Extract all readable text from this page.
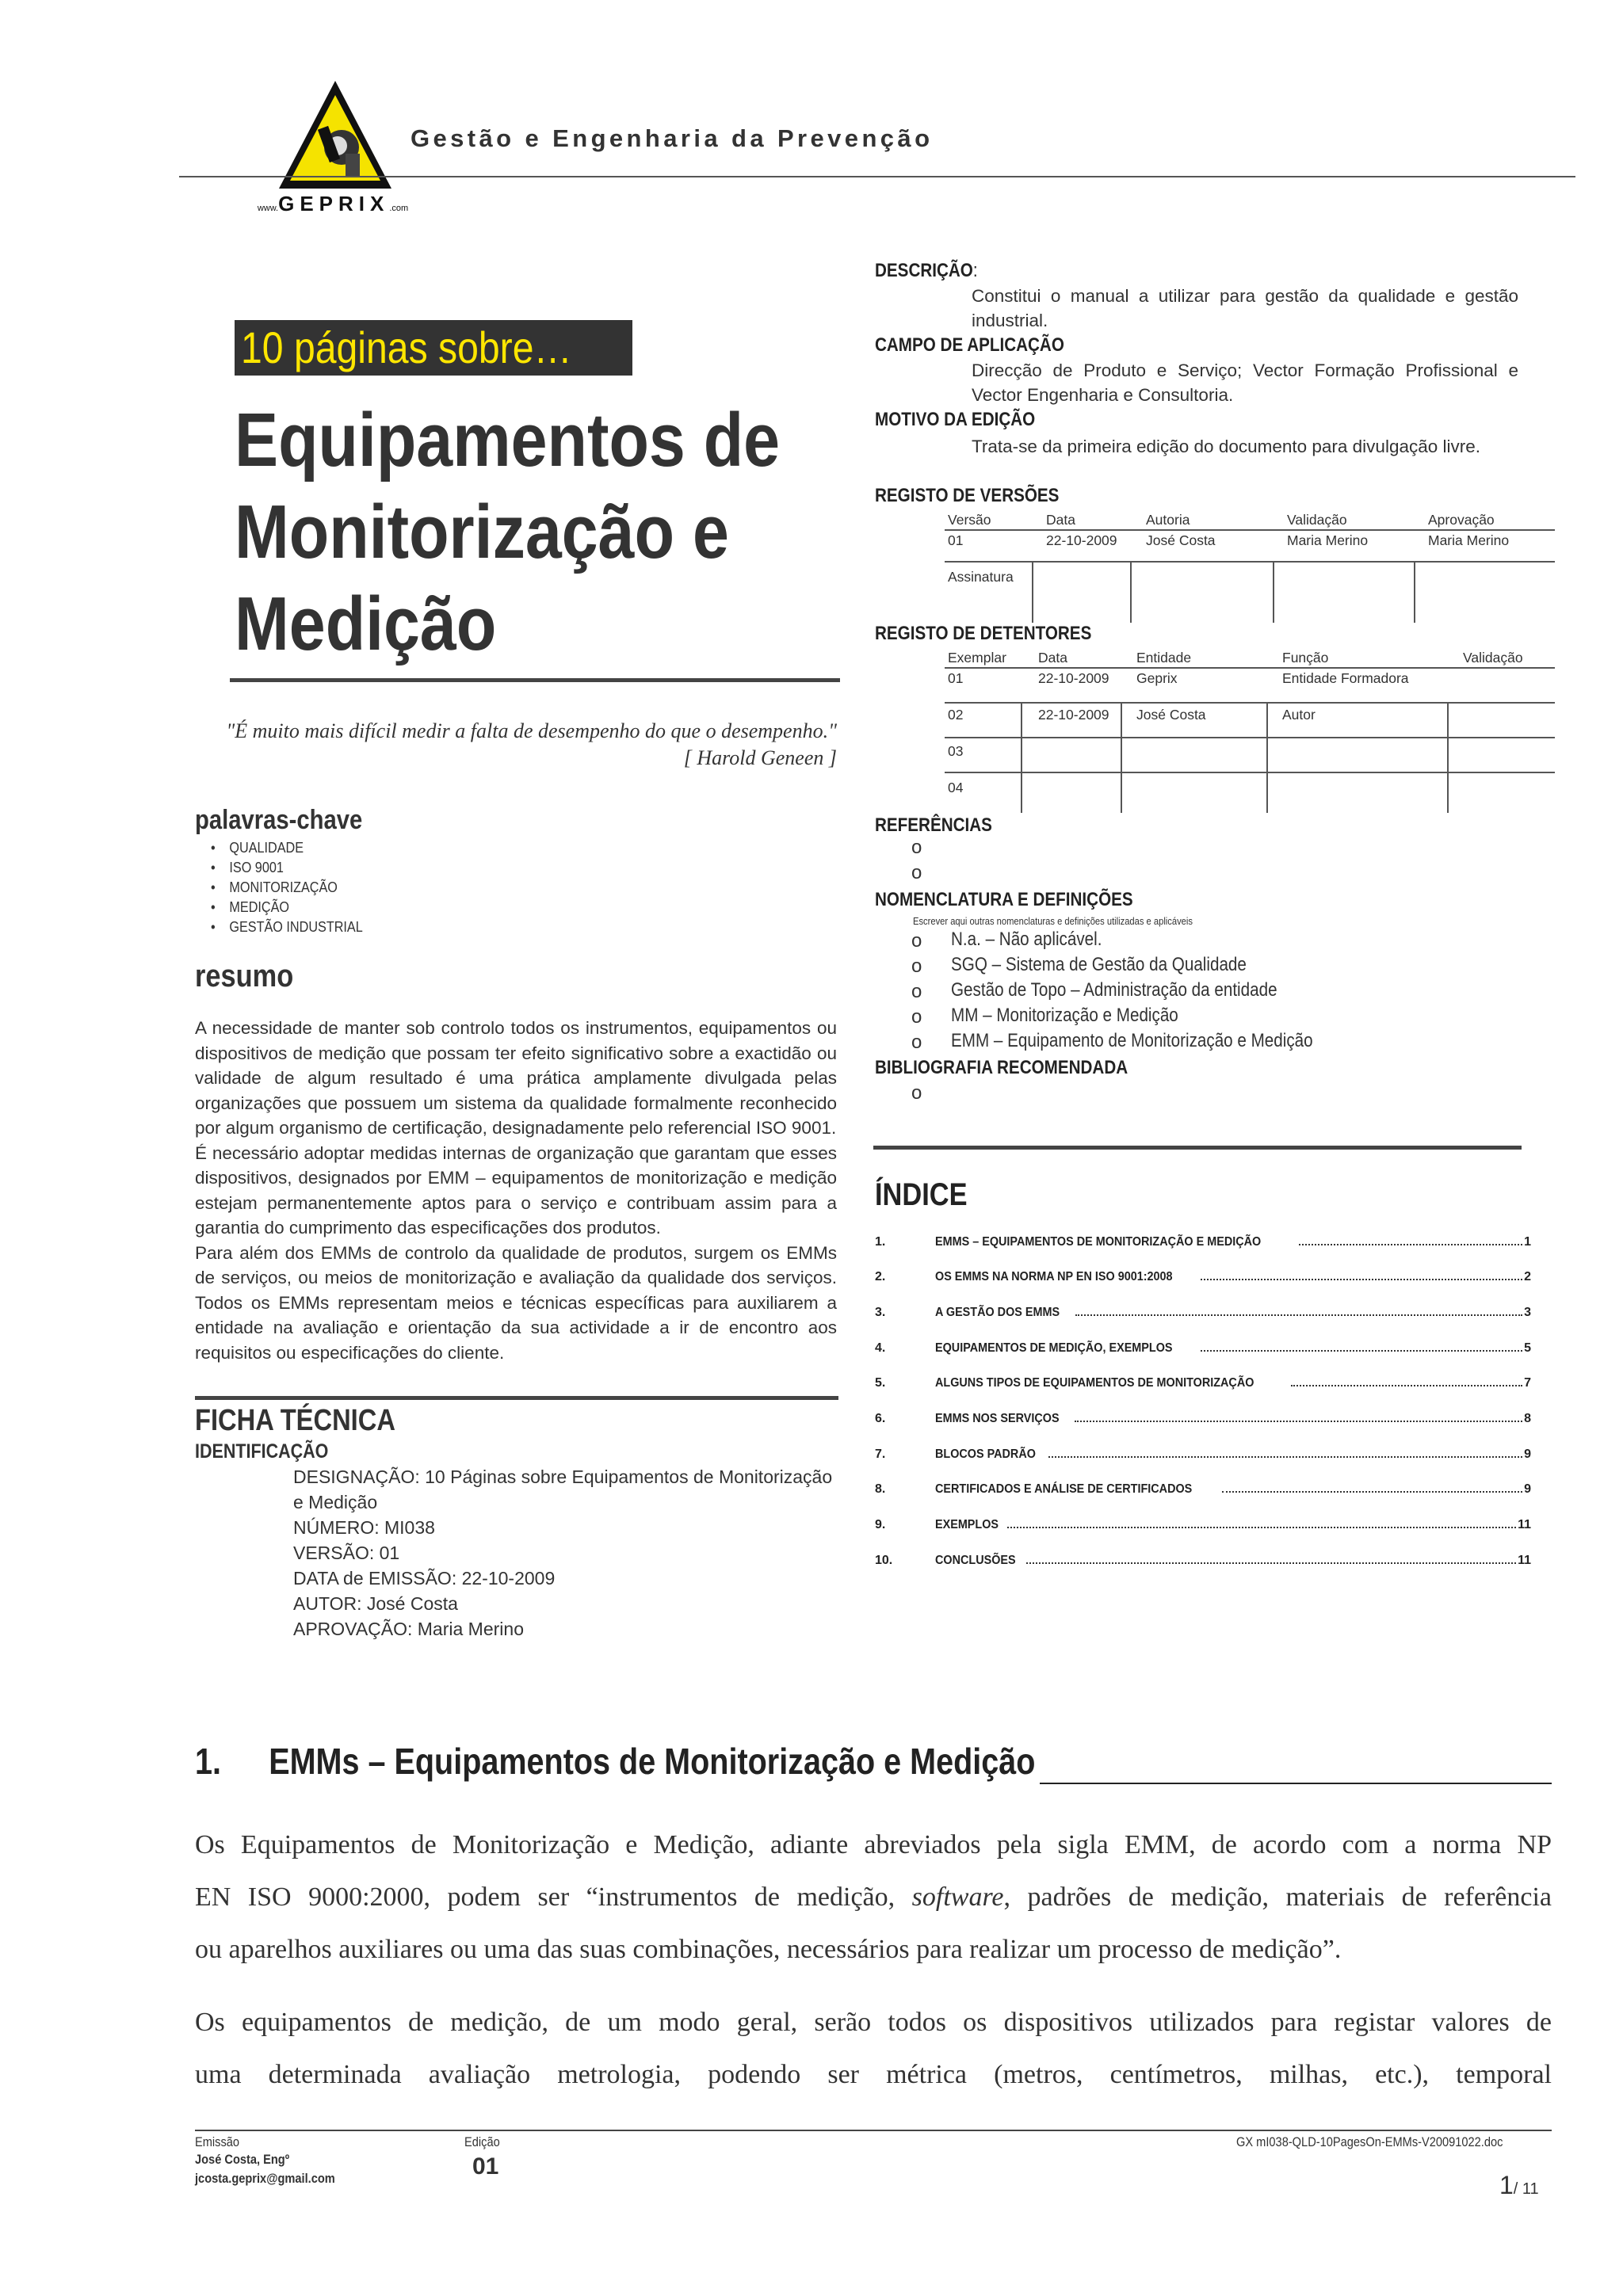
www.GEPRIX.com
Gestão e Engenharia da Prevenção
10 páginas sobre…
Equipamentos de
Monitorização e
Medição
"É muito mais difícil medir a falta de desempenho do que o desempenho."
[ Harold Geneen ]
palavras-chave
• QUALIDADE
• ISO 9001
• MONITORIZAÇÃO
• MEDIÇÃO
• GESTÃO INDUSTRIAL
resumo

A necessidade de manter sob controlo todos os instrumentos, equipamentos ou dispositivos de medição que possam ter efeito significativo sobre a exactidão ou validade de algum resultado é uma prática amplamente divulgada pelas organizações que possuem um sistema da qualidade formalmente reconhecido por algum organismo de certificação, designadamente pelo referencial ISO 9001.

É necessário adoptar medidas internas de organização que garantam que esses dispositivos, designados por EMM – equipamentos de monitorização e medição estejam permanentemente aptos para o serviço e contribuam assim para a garantia do cumprimento das especificações dos produtos.

Para além dos EMMs de controlo da qualidade de produtos, surgem os EMMs de serviços, ou meios de monitorização e avaliação da qualidade dos serviços. Todos os EMMs representam meios e técnicas específicas para auxiliarem a entidade na avaliação e orientação da sua actividade a ir de encontro aos requisitos ou especificações do cliente.

FICHA TÉCNICA
IDENTIFICAÇÃO
DESIGNAÇÃO: 10 Páginas sobre Equipamentos de Monitorização e Medição
NÚMERO: MI038
VERSÃO: 01
DATA de EMISSÃO: 22-10-2009
AUTOR: José Costa
APROVAÇÃO: Maria Merino
DESCRIÇÃO:
Constitui o manual a utilizar para gestão da qualidade e gestão industrial.
CAMPO DE APLICAÇÃO
Direcção de Produto e Serviço; Vector Formação Profissional e Vector Engenharia e Consultoria.
MOTIVO DA EDIÇÃO
Trata-se da primeira edição do documento para divulgação livre.
REGISTO DE VERSÕES
Versão	Data	Autoria	Validação	Aprovação
01	22-10-2009 José Costa	Maria Merino	Maria Merino
Assinatura
REGISTO DE DETENTORES
Exemplar Data	Entidade	Função	Validação
01	22-10-2009 Geprix	Entidade Formadora
02	22-10-2009 José Costa	Autor
03
04
REFERÊNCIAS
o
o
NOMENCLATURA E DEFINIÇÕES
Escrever aqui outras nomenclaturas e definições utilizadas e aplicáveis
o N.a. – Não aplicável.
o SGQ – Sistema de Gestão da Qualidade
o Gestão de Topo – Administração da entidade
o MM – Monitorização e Medição
o EMM – Equipamento de Monitorização e Medição
BIBLIOGRAFIA RECOMENDADA
o
ÍNDICE
1.	EMMS – EQUIPAMENTOS DE MONITORIZAÇÃO E MEDIÇÃO	1
2.	OS EMMS NA NORMA NP EN ISO 9001:2008	2
3.	A GESTÃO DOS EMMS	3
4.	EQUIPAMENTOS DE MEDIÇÃO, EXEMPLOS	5
5.	ALGUNS TIPOS DE EQUIPAMENTOS DE MONITORIZAÇÃO	7
6.	EMMS NOS SERVIÇOS	8
7.	BLOCOS PADRÃO	9
8.	CERTIFICADOS E ANÁLISE DE CERTIFICADOS	9
9.	EXEMPLOS	11
10.	CONCLUSÕES	11
1. EMMs – Equipamentos de Monitorização e Medição
Os Equipamentos de Monitorização e Medição, adiante abreviados pela sigla EMM, de acordo com a norma NP
EN ISO 9000:2000, podem ser “instrumentos de medição, software, padrões de medição, materiais de referência
ou aparelhos auxiliares ou uma das suas combinações, necessários para realizar um processo de medição”.
Os equipamentos de medição, de um modo geral, serão todos os dispositivos utilizados para registar valores de
uma determinada avaliação metrologia, podendo ser métrica (metros, centímetros, milhas, etc.), temporal
Emissão
José Costa, Engº
jcosta.geprix@gmail.com
Edição
01
GX mI038-QLD-10PagesOn-EMMs-V20091022.doc
1/ 11
